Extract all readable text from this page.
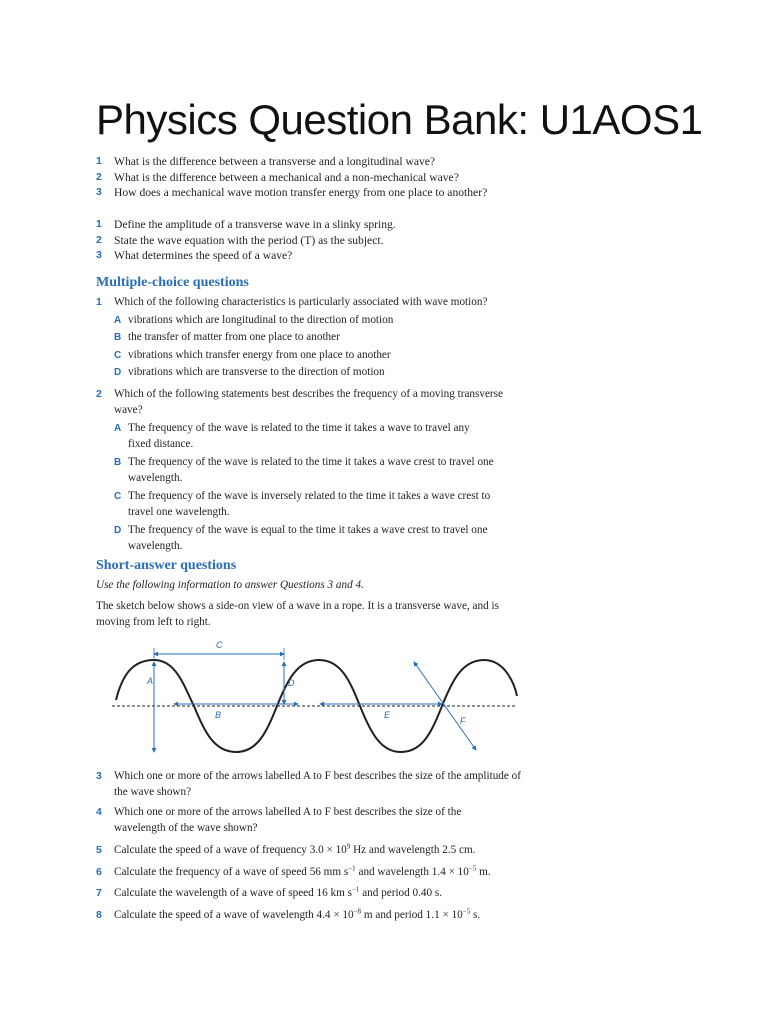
Physics Question Bank: U1AOS1
1 What is the difference between a transverse and a longitudinal wave?
2 What is the difference between a mechanical and a non-mechanical wave?
3 How does a mechanical wave motion transfer energy from one place to another?
1 Define the amplitude of a transverse wave in a slinky spring.
2 State the wave equation with the period (T) as the subject.
3 What determines the speed of a wave?
Multiple-choice questions
1	Which of the following characteristics is particularly associated with wave motion?
A vibrations which are longitudinal to the direction of motion
B the transfer of matter from one place to another
C vibrations which transfer energy from one place to another
D vibrations which are transverse to the direction of motion
2	Which of the following statements best describes the frequency of a moving transverse wave?
A The frequency of the wave is related to the time it takes a wave to travel any fixed distance.
B The frequency of the wave is related to the time it takes a wave crest to travel one wavelength.
C The frequency of the wave is inversely related to the time it takes a wave crest to travel one wavelength.
D The frequency of the wave is equal to the time it takes a wave crest to travel one wavelength.
Short-answer questions
Use the following information to answer Questions 3 and 4.
The sketch below shows a side-on view of a wave in a rope. It is a transverse wave, and is moving from left to right.
C
A	D
B	E
F
3	Which one or more of the arrows labelled A to F best describes the size of the amplitude of the wave shown?
4	Which one or more of the arrows labelled A to F best describes the size of the wavelength of the wave shown?
5	Calculate the speed of a wave of frequency $3.0 \times 10^9$ Hz and wavelength 2.5 cm.
6	Calculate the frequency of a wave of speed 56 mm $s^{-1}$ and wavelength $1.4 \times 10^{-5}$ m.
7	Calculate the wavelength of a wave of speed 16 km $s^{-1}$ and period 0.40 s.
8	Calculate the speed of a wave of wavelength $4.4 \times 10^{-8}$ m and period $1.1 \times 10^{-5}$ s.
